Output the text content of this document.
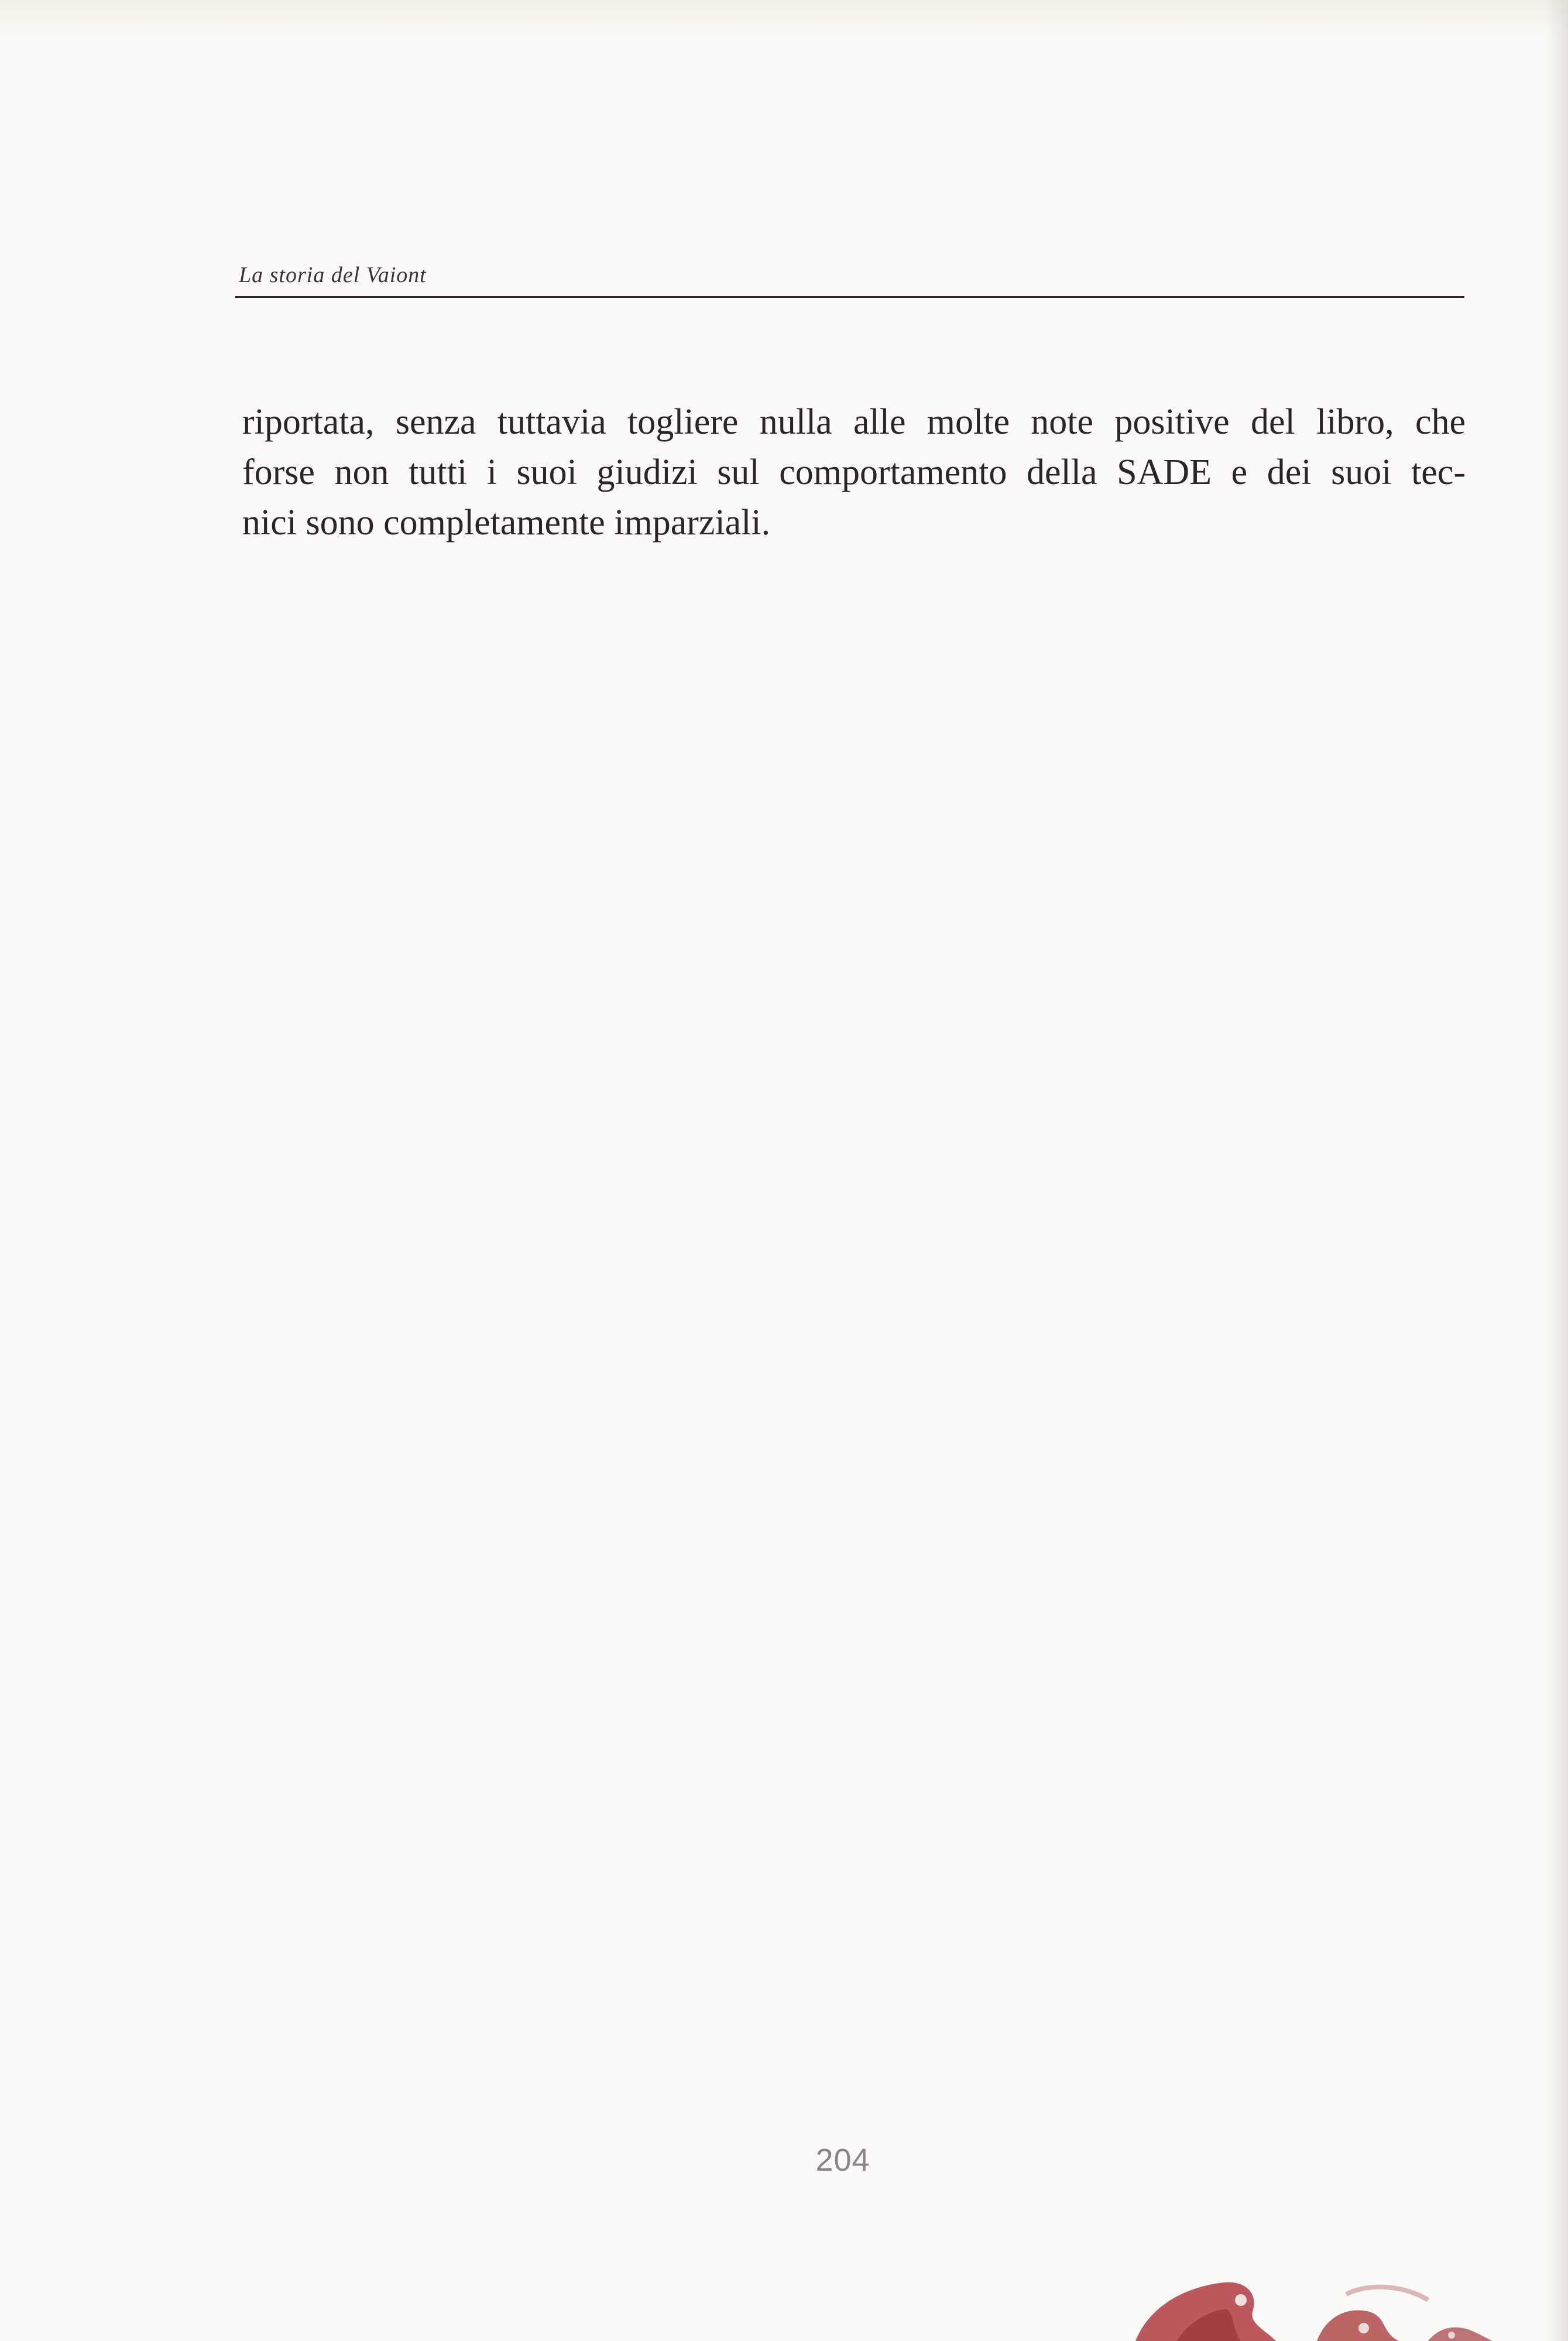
La storia del Vaiont
riportata, senza tuttavia togliere nulla alle molte note positive del libro, che
forse non tutti i suoi giudizi sul comportamento della SADE e dei suoi tec-
nici sono completamente imparziali.
204
